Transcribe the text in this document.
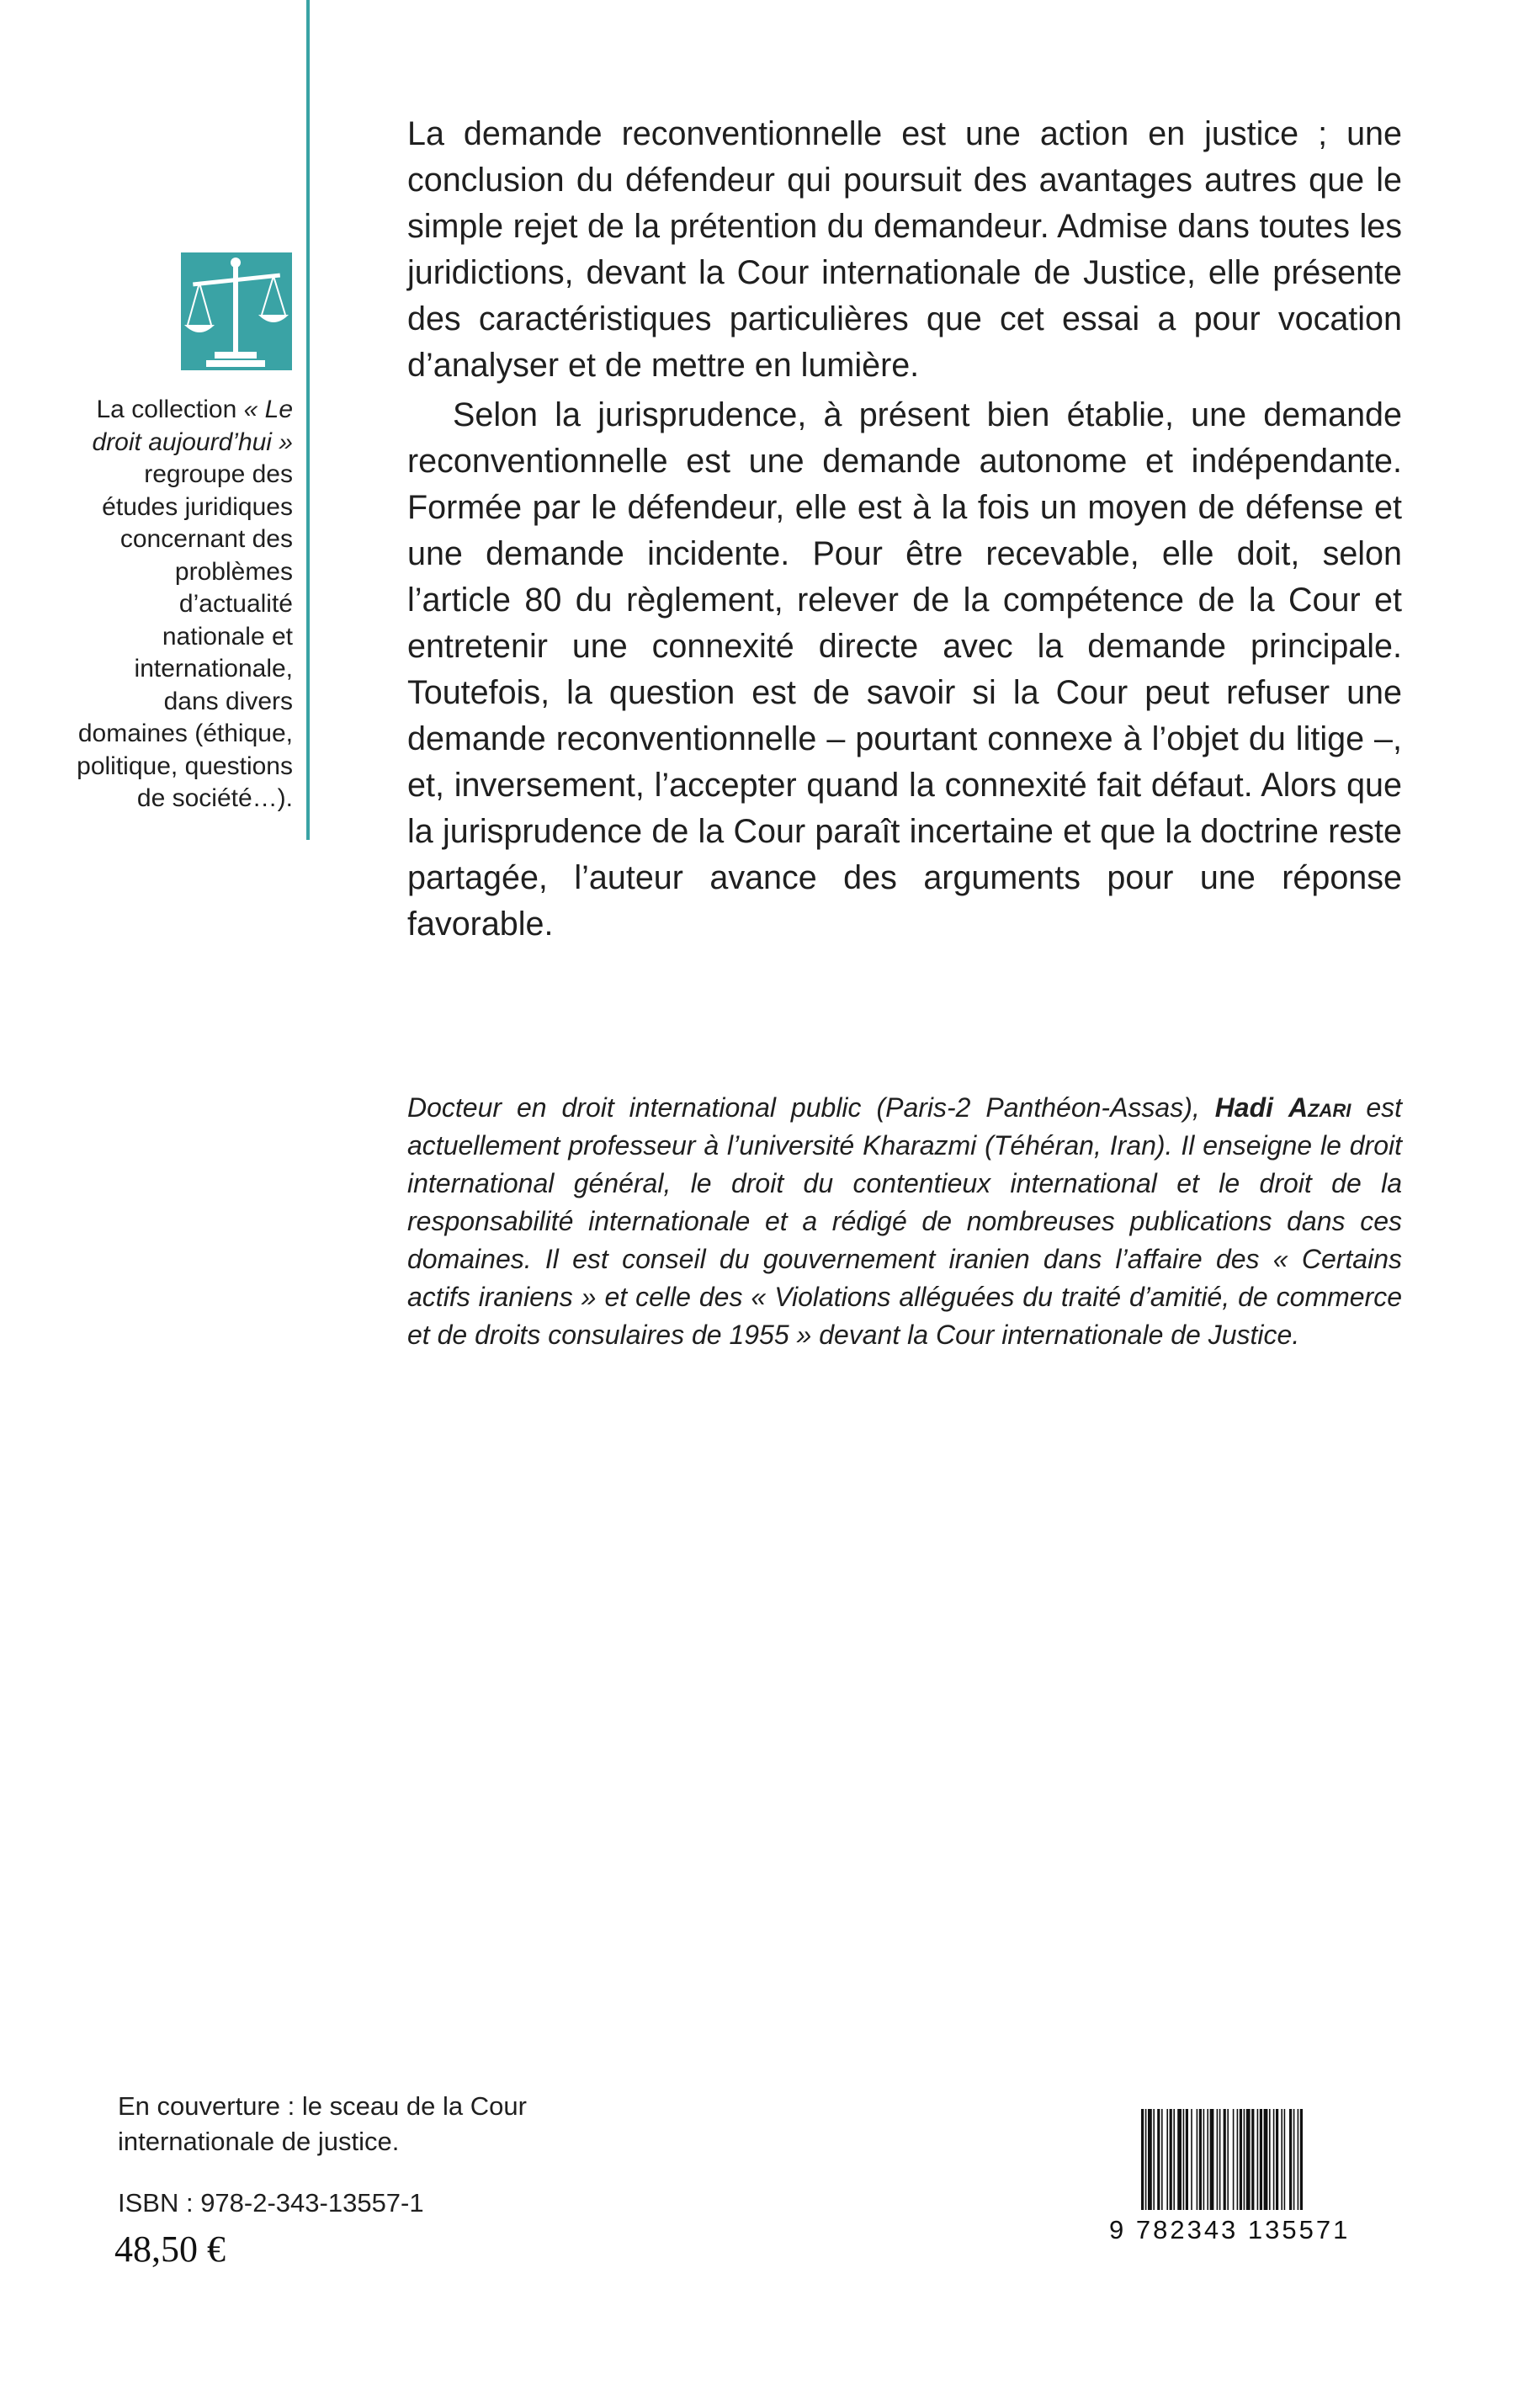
La collection « Le droit aujourd’hui » regroupe des études juridiques concernant des problèmes d’actualité nationale et internationale, dans divers domaines (éthique, politique, questions de société…).

La demande reconventionnelle est une action en justice ; une conclusion du défendeur qui poursuit des avantages autres que le simple rejet de la prétention du demandeur. Admise dans toutes les juridictions, devant la Cour internationale de Justice, elle présente des caractéristiques particulières que cet essai a pour vocation d’analyser et de mettre en lumière.

Selon la jurisprudence, à présent bien établie, une demande reconventionnelle est une demande autonome et indépendante. Formée par le défendeur, elle est à la fois un moyen de défense et une demande incidente. Pour être recevable, elle doit, selon l’article 80 du règlement, relever de la compétence de la Cour et entretenir une connexité directe avec la demande principale. Toutefois, la question est de savoir si la Cour peut refuser une demande reconventionnelle – pourtant connexe à l’objet du litige –, et, inversement, l’accepter quand la connexité fait défaut. Alors que la jurisprudence de la Cour paraît incertaine et que la doctrine reste partagée, l’auteur avance des arguments pour une réponse favorable.

Docteur en droit international public (Paris-2 Panthéon-Assas), Hadi Azari est actuellement professeur à l’université Kharazmi (Téhéran, Iran). Il enseigne le droit international général, le droit du contentieux international et le droit de la responsabilité internationale et a rédigé de nombreuses publications dans ces domaines. Il est conseil du gouvernement iranien dans l’affaire des « Certains actifs iraniens » et celle des « Violations alléguées du traité d’amitié, de commerce et de droits consulaires de 1955 » devant la Cour internationale de Justice.
En couverture : le sceau de la Cour internationale de justice.
ISBN : 978-2-343-13557-1
48,50 €	9 782343 135571
